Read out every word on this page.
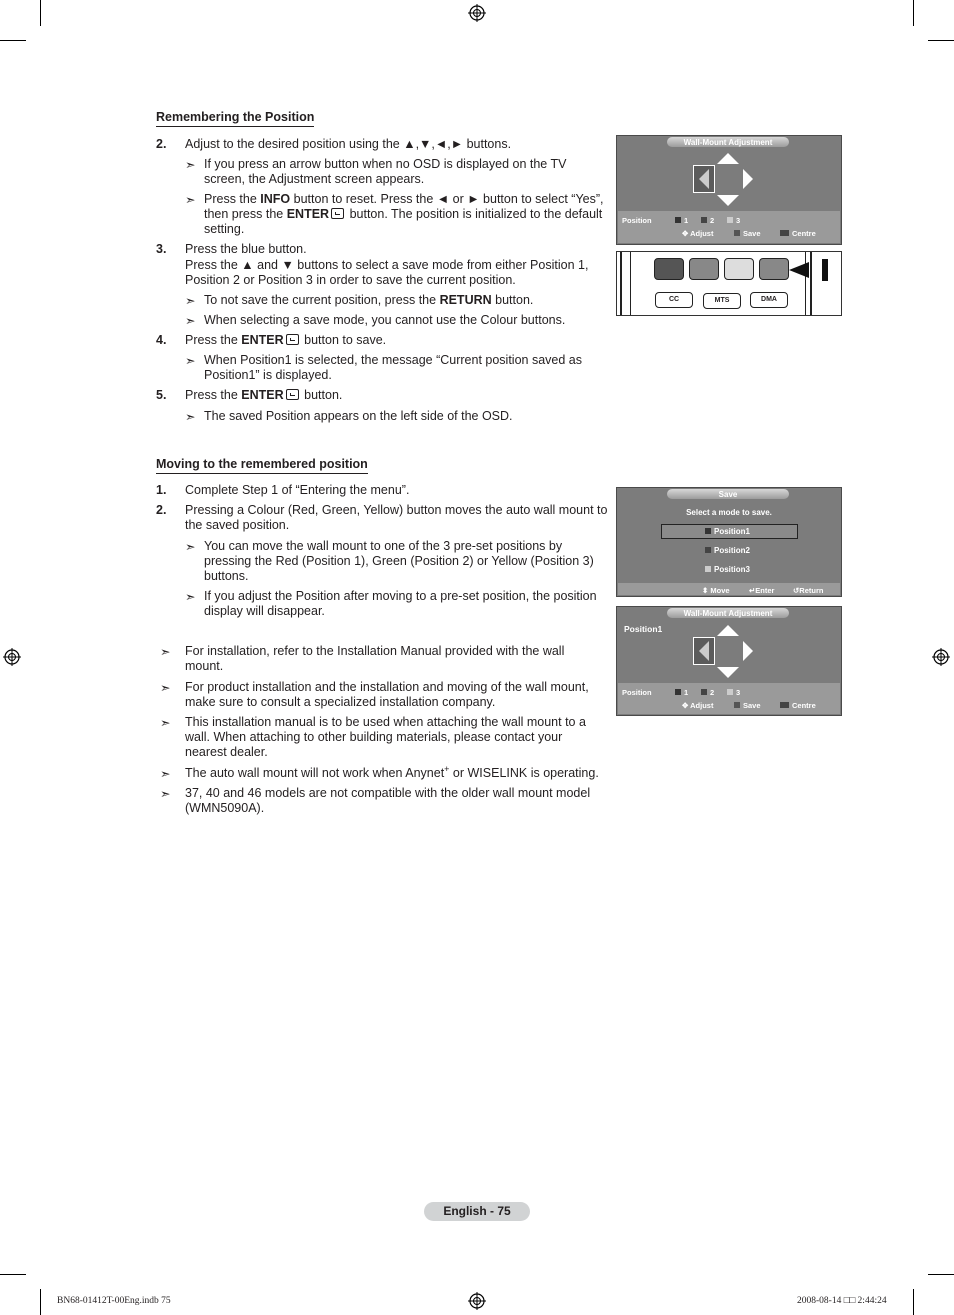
Remembering the Position
2. Adjust to the desired position using the ▲,▼,◄,► buttons.

➣ If you press an arrow button when no OSD is displayed on the TV screen, the Adjustment screen appears.

➣ Press the INFO button to reset. Press the ◄ or ► button to select “Yes”, then press the ENTER button. The position is initialized to the default setting.

3. Press the blue button.

Press the ▲ and ▼ buttons to select a save mode from either Position 1, Position 2 or Position 3 in order to save the current position.

➣ To not save the current position, press the RETURN button.

➣ When selecting a save mode, you cannot use the Colour buttons.

4. Press the ENTER button to save.

➣ When Position1 is selected, the message “Current position saved as Position1” is displayed.

5. Press the ENTER button.

➣ The saved Position appears on the left side of the OSD.

Moving to the remembered position
1. Complete Step 1 of “Entering the menu”.

2. Pressing a Colour (Red, Green, Yellow) button moves the auto wall mount to the saved position.

➣ You can move the wall mount to one of the 3 pre-set positions by pressing the Red (Position 1), Green (Position 2) or Yellow (Position 3) buttons.

➣ If you adjust the Position after moving to a pre-set position, the position display will disappear.

➣ For installation, refer to the Installation Manual provided with the wall mount.

➣ For product installation and the installation and moving of the wall mount, make sure to consult a specialized installation company.

➣ This installation manual is to be used when attaching the wall mount to a wall. When attaching to other building materials, please contact your nearest dealer.

➣ The auto wall mount will not work when Anynet+ or WISELINK is operating.

➣ 37, 40 and 46 models are not compatible with the older wall mount model (WMN5090A).

Wall-Mount Adjustment
Position	1	2	3
✥ Adjust	Save	Centre
CC	MTS	DMA
Save
Select a mode to save.
Position1
Position2
Position3
⬍ Move	↵Enter ↺Return
Wall-Mount Adjustment
Position1
Position	1	2	3
✥ Adjust	Save	Centre
English - 75
BN68-01412T-00Eng.indb 75	2008-08-14 □□ 2:44:24
